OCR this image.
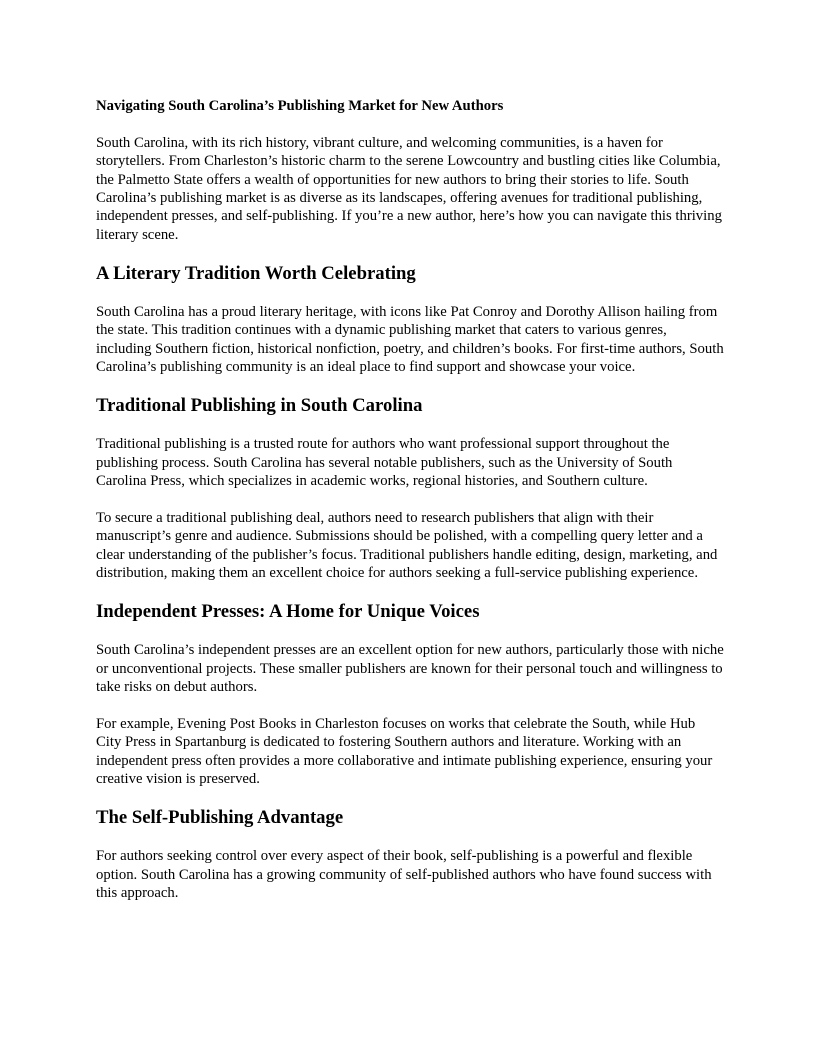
Navigating South Carolina’s Publishing Market for New Authors

South Carolina, with its rich history, vibrant culture, and welcoming communities, is a haven for storytellers. From Charleston’s historic charm to the serene Lowcountry and bustling cities like Columbia, the Palmetto State offers a wealth of opportunities for new authors to bring their stories to life. South Carolina’s publishing market is as diverse as its landscapes, offering avenues for traditional publishing, independent presses, and self-publishing. If you’re a new author, here’s how you can navigate this thriving literary scene.

A Literary Tradition Worth Celebrating

South Carolina has a proud literary heritage, with icons like Pat Conroy and Dorothy Allison hailing from the state. This tradition continues with a dynamic publishing market that caters to various genres, including Southern fiction, historical nonfiction, poetry, and children’s books. For first-time authors, South Carolina’s publishing community is an ideal place to find support and showcase your voice.

Traditional Publishing in South Carolina

Traditional publishing is a trusted route for authors who want professional support throughout the publishing process. South Carolina has several notable publishers, such as the University of South Carolina Press, which specializes in academic works, regional histories, and Southern culture.

To secure a traditional publishing deal, authors need to research publishers that align with their manuscript’s genre and audience. Submissions should be polished, with a compelling query letter and a clear understanding of the publisher’s focus. Traditional publishers handle editing, design, marketing, and distribution, making them an excellent choice for authors seeking a full-service publishing experience.

Independent Presses: A Home for Unique Voices

South Carolina’s independent presses are an excellent option for new authors, particularly those with niche or unconventional projects. These smaller publishers are known for their personal touch and willingness to take risks on debut authors.

For example, Evening Post Books in Charleston focuses on works that celebrate the South, while Hub City Press in Spartanburg is dedicated to fostering Southern authors and literature. Working with an independent press often provides a more collaborative and intimate publishing experience, ensuring your creative vision is preserved.

The Self-Publishing Advantage

For authors seeking control over every aspect of their book, self-publishing is a powerful and flexible option. South Carolina has a growing community of self-published authors who have found success with this approach.
